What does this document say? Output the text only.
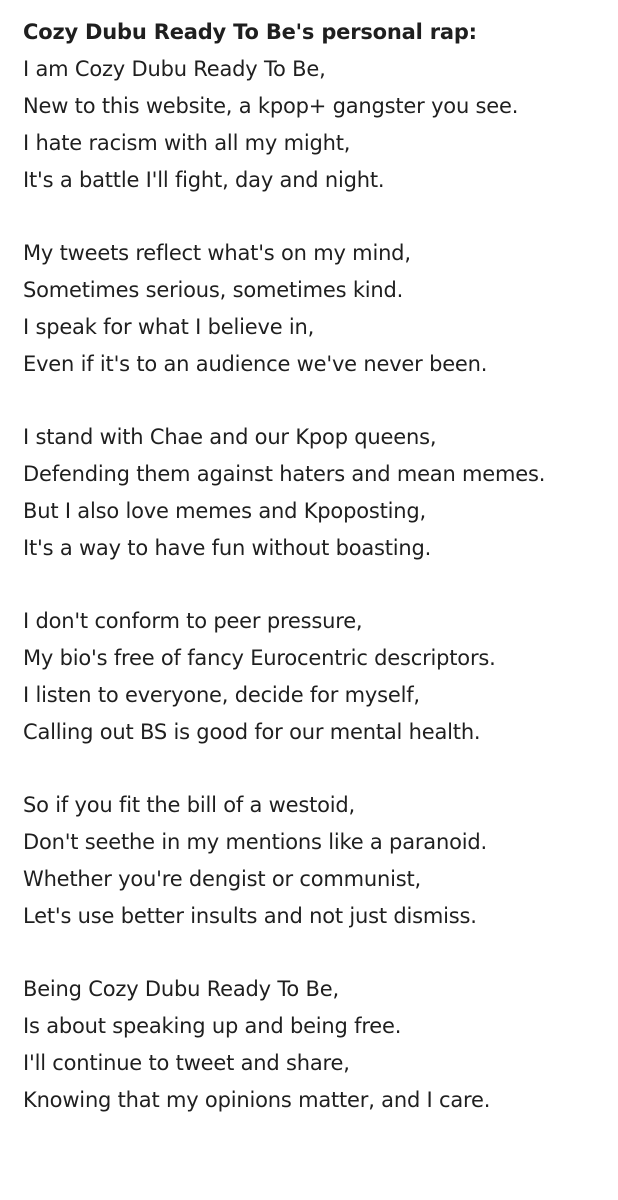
Cozy Dubu Ready To Be's personal rap:
I am Cozy Dubu Ready To Be,
New to this website, a kpop+ gangster you see.
I hate racism with all my might,
It's a battle I'll fight, day and night.
My tweets reflect what's on my mind,
Sometimes serious, sometimes kind.
I speak for what I believe in,
Even if it's to an audience we've never been.
I stand with Chae and our Kpop queens,
Defending them against haters and mean memes.
But I also love memes and Kpoposting,
It's a way to have fun without boasting.
I don't conform to peer pressure,
My bio's free of fancy Eurocentric descriptors.
I listen to everyone, decide for myself,
Calling out BS is good for our mental health.
So if you fit the bill of a westoid,
Don't seethe in my mentions like a paranoid.
Whether you're dengist or communist,
Let's use better insults and not just dismiss.
Being Cozy Dubu Ready To Be,
Is about speaking up and being free.
I'll continue to tweet and share,
Knowing that my opinions matter, and I care.
